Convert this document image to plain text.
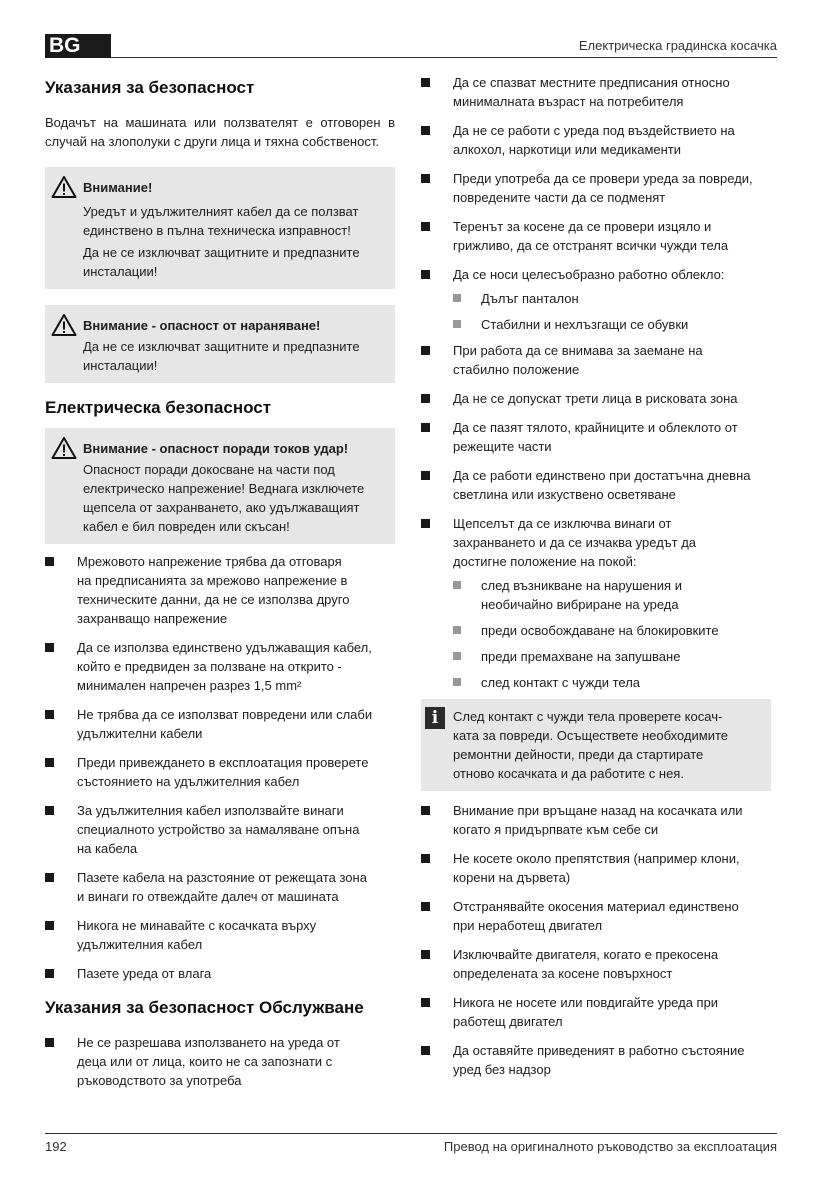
BG	Електрическа градинска косачка
Указания за безопасност

Водачът на машината или ползвателят е отговорен в случай на злополуки с други лица и тяхна собственост.

Внимание!
Уредът и удължителният кабел да се ползват
единствено в пълна техническа изправност!
Да не се изключват защитните и предпазните
инсталации!
Внимание - опасност от нараняване!
Да не се изключват защитните и предпазните
инсталации!
Електрическа безопасност
Внимание - опасност поради токов удар!
Опасност поради докосване на части под
електрическо напрежение! Веднага изключете
щепсела от захранването, ако удължаващият
кабел е бил повреден или скъсан!
Мрежовото напрежение трябва да отговаря
на предписанията за мрежово напрежение в
техническите данни, да не се използва друго
захранващо напрежение
Да се използва единствено удължаващия кабел,
който е предвиден за ползване на открито -
минимален напречен разрез 1,5 mm²
Не трябва да се използват повредени или слаби
удължителни кабели
Преди привеждането в експлоатация проверете
състоянието на удължителния кабел
За удължителния кабел използвайте винаги
специалното устройство за намаляване опъна
на кабела
Пазете кабела на разстояние от режещата зона
и винаги го отвеждайте далеч от машината
Никога не минавайте с косачката върху
удължителния кабел
Пазете уреда от влага
Указания за безопасност Обслужване
Не се разрешава използването на уреда от
деца или от лица, които не са запознати с
ръководството за употреба
Да се спазват местните предписания относно
минималната възраст на потребителя
Да не се работи с уреда под въздействието на
алкохол, наркотици или медикаменти
Преди употреба да се провери уреда за повреди,
повредените части да се подменят
Теренът за косене да се провери изцяло и
грижливо, да се отстранят всички чужди тела
Да се носи целесъобразно работно облекло:
Дълъг панталон
Стабилни и нехлъзгащи се обувки
При работа да се внимава за заемане на
стабилно положение
Да не се допускат трети лица в рисковата зона
Да се пазят тялото, крайниците и облеклото от
режещите части
Да се работи единствено при достатъчна дневна
светлина или изкуствено осветяване
Щепселът да се изключва винаги от
захранването и да се изчаква уредът да
достигне положение на покой:
след възникване на нарушения и
необичайно вибриране на уреда
преди освобождаване на блокировките
преди премахване на запушване
след контакт с чужди тела
i	След контакт с чужди тела проверете косач-
ката за повреди. Осъществете необходимите
ремонтни дейности, преди да стартирате
отново косачката и да работите с нея.
Внимание при връщане назад на косачката или
когато я придърпвате към себе си
Не косете около препятствия (например клони,
корени на дървета)
Отстранявайте окосения материал единствено
при неработещ двигател
Изключвайте двигателя, когато е прекосена
определената за косене повърхност
Никога не носете или повдигайте уреда при
работещ двигател
Да оставяйте приведеният в работно състояние
уред без надзор
192	Превод на оригиналното ръководство за експлоатация
